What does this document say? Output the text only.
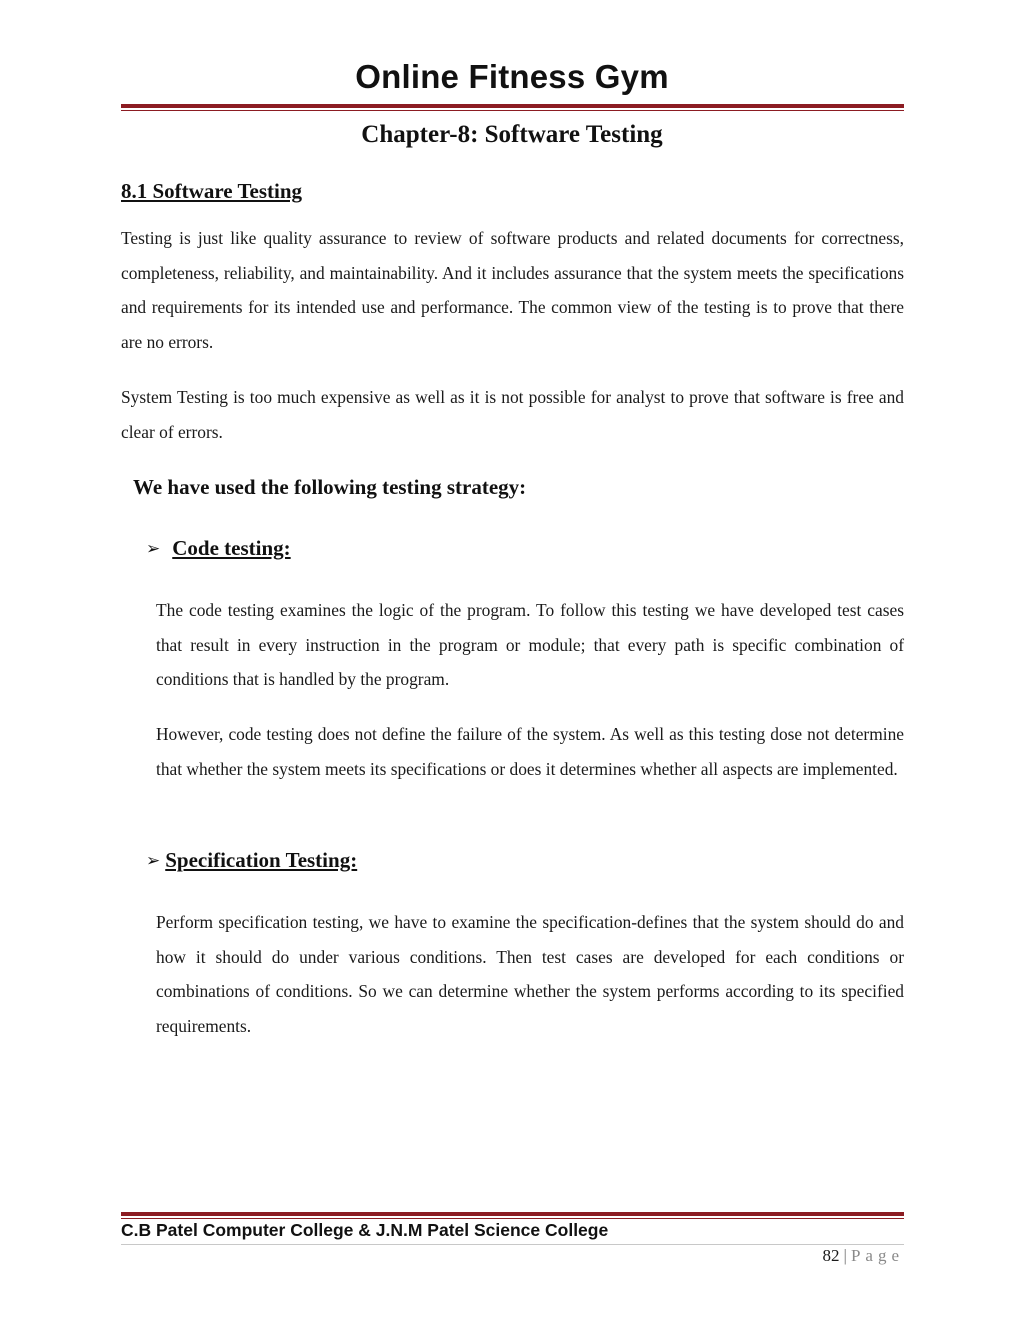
Online Fitness Gym
Chapter-8: Software Testing
8.1 Software Testing

Testing is just like quality assurance to review of software products and related documents for correctness, completeness, reliability, and maintainability. And it includes assurance that the system meets the specifications and requirements for its intended use and performance. The common view of the testing is to prove that there are no errors.

System Testing is too much expensive as well as it is not possible for analyst to prove that software is free and clear of errors.

We have used the following testing strategy:
➢ Code testing:

The code testing examines the logic of the program. To follow this testing we have developed test cases that result in every instruction in the program or module; that every path is specific combination of conditions that is handled by the program.

However, code testing does not define the failure of the system. As well as this testing dose not determine that whether the system meets its specifications or does it determines whether all aspects are implemented.

➢ Specification Testing:

Perform specification testing, we have to examine the specification-defines that the system should do and how it should do under various conditions. Then test cases are developed for each conditions or combinations of conditions. So we can determine whether the system performs according to its specified requirements.

C.B Patel Computer College & J.N.M Patel Science College

82 | Page
